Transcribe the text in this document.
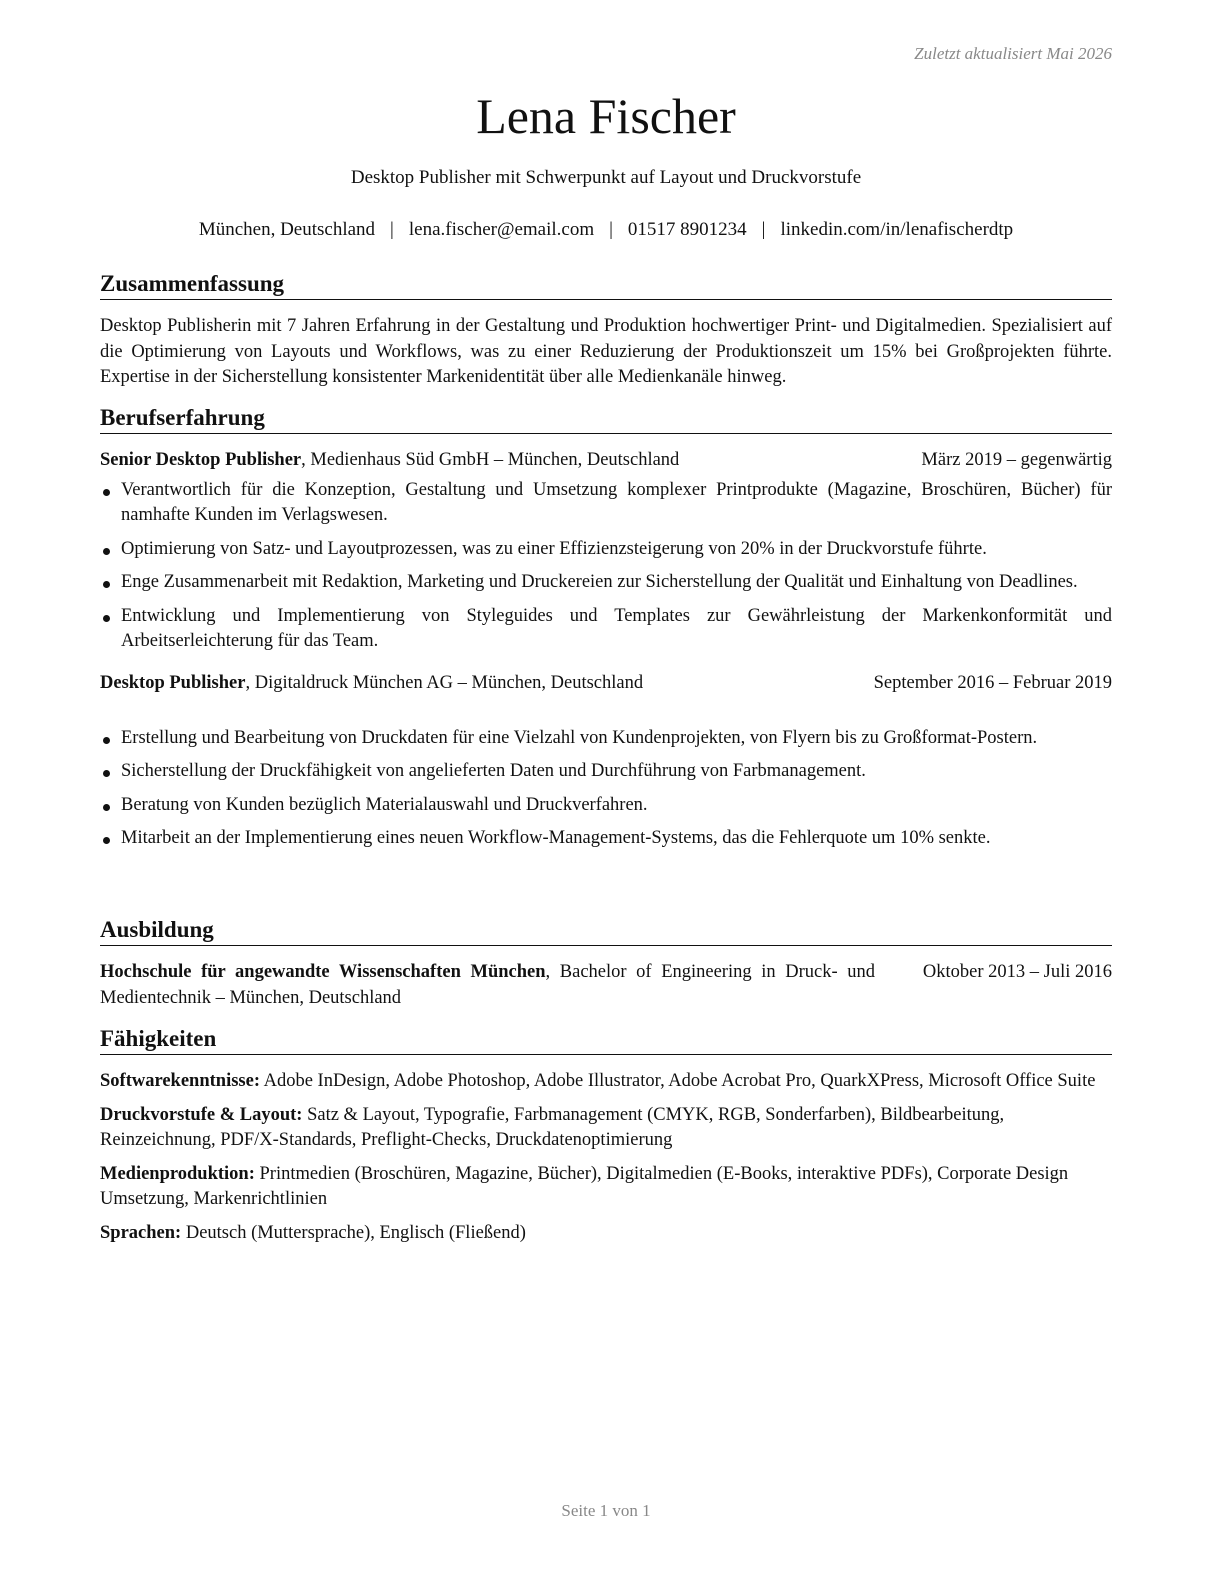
Zuletzt aktualisiert Mai 2026
Lena Fischer
Desktop Publisher mit Schwerpunkt auf Layout und Druckvorstufe
München, Deutschland | lena.fischer@email.com | 01517 8901234 | linkedin.com/in/lenafischerdtp
Zusammenfassung
Desktop Publisherin mit 7 Jahren Erfahrung in der Gestaltung und Produktion hochwertiger Print- und Digitalmedien. Spezialisiert auf die Optimierung von Layouts und Workflows, was zu einer Reduzierung der Produktionszeit um 15% bei Großprojekten führte. Expertise in der Sicherstellung konsistenter Markenidentität über alle Medienkanäle hinweg.
Berufserfahrung
Senior Desktop Publisher, Medienhaus Süd GmbH – München, Deutschland	März 2019 – gegenwärtig
Verantwortlich für die Konzeption, Gestaltung und Umsetzung komplexer Printprodukte (Magazine, Broschüren, Bücher) für namhafte Kunden im Verlagswesen.
Optimierung von Satz- und Layoutprozessen, was zu einer Effizienzsteigerung von 20% in der Druckvorstufe führte.
Enge Zusammenarbeit mit Redaktion, Marketing und Druckereien zur Sicherstellung der Qualität und Einhaltung von Deadlines.
Entwicklung und Implementierung von Styleguides und Templates zur Gewährleistung der Markenkonformität und Arbeitserleichterung für das Team.
Desktop Publisher, Digitaldruck München AG – München, Deutschland	September 2016 – Februar 2019
Erstellung und Bearbeitung von Druckdaten für eine Vielzahl von Kundenprojekten, von Flyern bis zu Großformat-Postern.
Sicherstellung der Druckfähigkeit von angelieferten Daten und Durchführung von Farbmanagement.
Beratung von Kunden bezüglich Materialauswahl und Druckverfahren.
Mitarbeit an der Implementierung eines neuen Workflow-Management-Systems, das die Fehlerquote um 10% senkte.
Ausbildung
Hochschule für angewandte Wissenschaften München, Bachelor of Engineering in Druck- und Medientechnik – München, Deutschland
Oktober 2013 – Juli 2016
Fähigkeiten
Softwarekenntnisse: Adobe InDesign, Adobe Photoshop, Adobe Illustrator, Adobe Acrobat Pro, QuarkXPress, Microsoft Office Suite
Druckvorstufe & Layout: Satz & Layout, Typografie, Farbmanagement (CMYK, RGB, Sonderfarben), Bildbearbeitung, Reinzeichnung, PDF/X-Standards, Preflight-Checks, Druckdatenoptimierung
Medienproduktion: Printmedien (Broschüren, Magazine, Bücher), Digitalmedien (E-Books, interaktive PDFs), Corporate Design Umsetzung, Markenrichtlinien
Sprachen: Deutsch (Muttersprache), Englisch (Fließend)
Seite 1 von 1
